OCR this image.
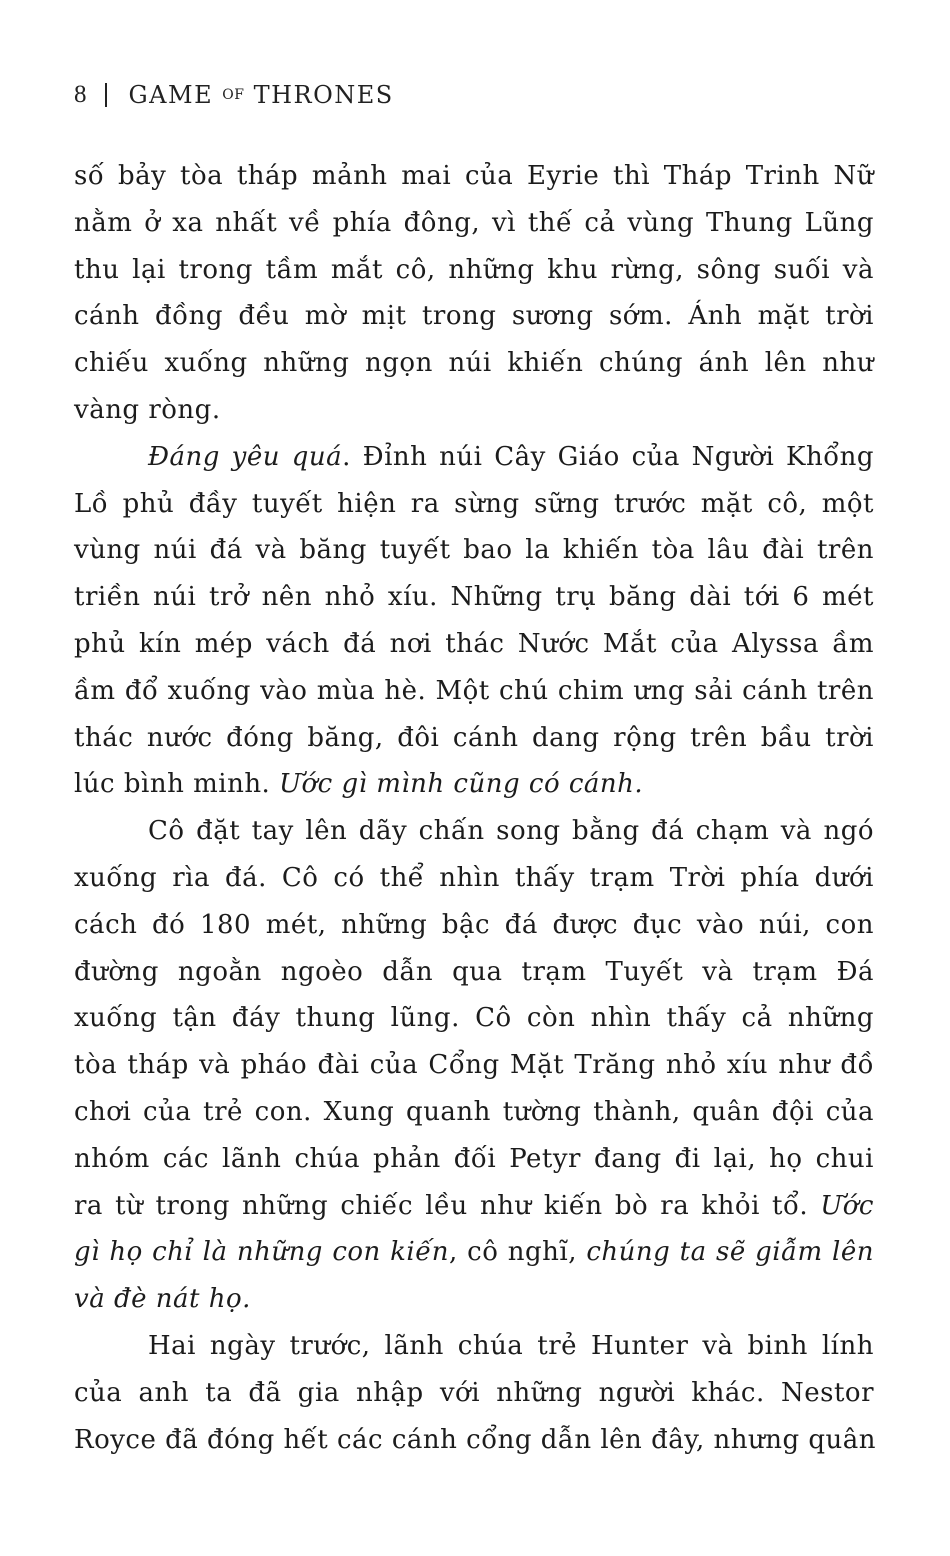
8 GAME OF THRONES
số bảy tòa tháp mảnh mai của Eyrie thì Tháp Trinh Nữ
nằm ở xa nhất về phía đông, vì thế cả vùng Thung Lũng
thu lại trong tầm mắt cô, những khu rừng, sông suối và
cánh đồng đều mờ mịt trong sương sớm. Ánh mặt trời
chiếu xuống những ngọn núi khiến chúng ánh lên như
vàng ròng.
Đáng yêu quá. Đỉnh núi Cây Giáo của Người Khổng
Lồ phủ đầy tuyết hiện ra sừng sững trước mặt cô, một
vùng núi đá và băng tuyết bao la khiến tòa lâu đài trên
triền núi trở nên nhỏ xíu. Những trụ băng dài tới 6 mét
phủ kín mép vách đá nơi thác Nước Mắt của Alyssa ầm
ầm đổ xuống vào mùa hè. Một chú chim ưng sải cánh trên
thác nước đóng băng, đôi cánh dang rộng trên bầu trời
lúc bình minh. Ước gì mình cũng có cánh.
Cô đặt tay lên dãy chấn song bằng đá chạm và ngó
xuống rìa đá. Cô có thể nhìn thấy trạm Trời phía dưới
cách đó 180 mét, những bậc đá được đục vào núi, con
đường ngoằn ngoèo dẫn qua trạm Tuyết và trạm Đá
xuống tận đáy thung lũng. Cô còn nhìn thấy cả những
tòa tháp và pháo đài của Cổng Mặt Trăng nhỏ xíu như đồ
chơi của trẻ con. Xung quanh tường thành, quân đội của
nhóm các lãnh chúa phản đối Petyr đang đi lại, họ chui
ra từ trong những chiếc lều như kiến bò ra khỏi tổ. Ước
gì họ chỉ là những con kiến, cô nghĩ, chúng ta sẽ giẫm lên
và đè nát họ.
Hai ngày trước, lãnh chúa trẻ Hunter và binh lính
của anh ta đã gia nhập với những người khác. Nestor
Royce đã đóng hết các cánh cổng dẫn lên đây, nhưng quân
